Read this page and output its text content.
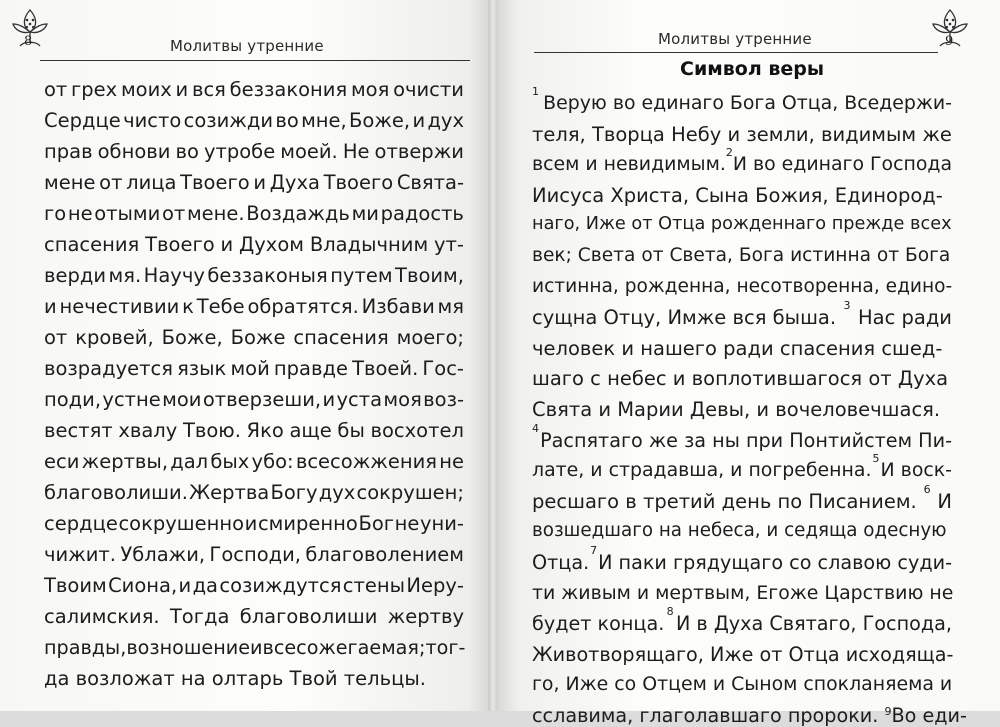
8	Молитвы утренние
от грех моих и вся беззакония моя очисти
Сердце чисто созижди во мне, Боже, и дух
прав обнови во утробе моей. Не отвержи
мене от лица Твоего и Духа Твоего Свята-
го не отыми от мене. Воздаждь ми радость
спасения Твоего и Духом Владычним ут-
верди мя. Научу беззаконыя путем Твоим,
и нечестивии к Тебе обратятся. Избави мя
от кровей, Боже, Боже спасения моего;
возрадуется язык мой правде Твоей. Гос-
поди, устне мои отверзеши, и уста моя воз-
вестят хвалу Твою. Яко аще бы восхотел
еси жертвы, дал бых убо: всесожжения не
благоволиши. Жертва Богу дух сокрушен;
сердце сокрушенно и смиренно Бог не уни-
чижит. Ублажи, Господи, благоволением
Твоим Сиона, и да созиждутся стены Иеру-
салимския. Тогда благоволиши жертву
правды, возношение и всесожегаемая; тог-
да возложат на олтарь Твой тельцы.
9
Молитвы утренние
Символ веры
1
Верую во единаго Бога Отца, Вседержи-
теля, Творца Небу и земли, видимым же
всем и невидимым.
2
И во единаго Господа
Иисуса Христа, Сына Божия, Единород-
наго, Иже от Отца рожденнаго прежде всех
век; Света от Света, Бога истинна от Бога
истинна, рожденна, несотворенна, едино-
сущна Отцу, Имже вся быша.
3
Нас ради
человек и нашего ради спасения сшед-
шаго с небес и воплотившагося от Духа
Свята и Марии Девы, и вочеловечшася.
4
Распятаго же за ны при Понтийстем Пи-
лате, и страдавша, и погребенна.
5
И воск-
ресшаго в третий день по Писанием.
6
И
возшедшаго на небеса, и седяща одесную
Отца.
7
И паки грядущаго со славою суди-
ти живым и мертвым, Егоже Царствию не
будет конца.
8
И в Духа Святаго, Господа,
Животворящаго, Иже от Отца исходяща-
го, Иже со Отцем и Сыном спокланяема и
сславима, глаголавшаго пророки. $^9$Во еди-
